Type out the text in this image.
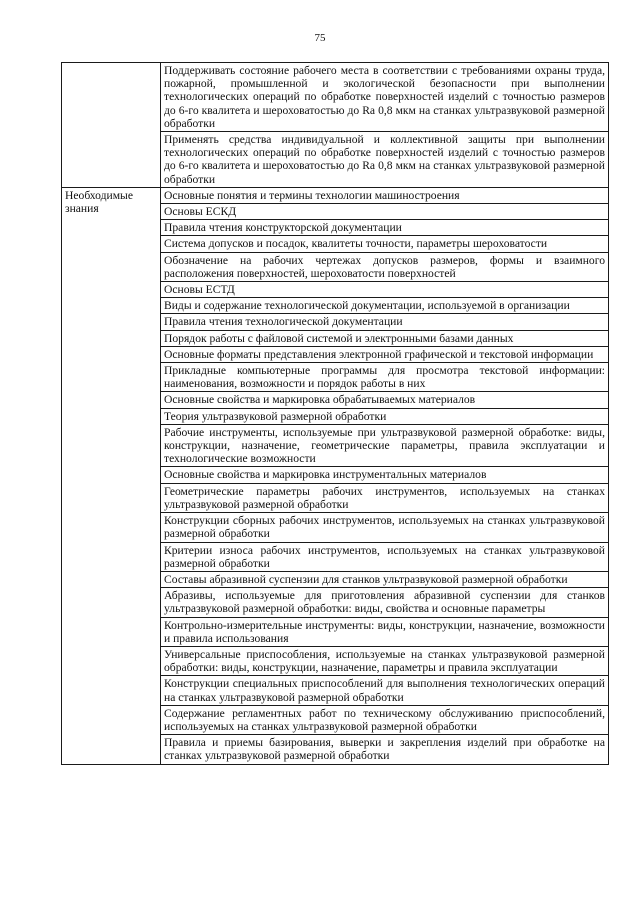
75
	Поддерживать состояние рабочего места в соответствии с требованиями охраны труда, пожарной, промышленной и экологической безопасности при выполнении технологических операций по обработке поверхностей изделий с точностью размеров до 6-го квалитета и шероховатостью до Ra 0,8 мкм на станках ультразвуковой размерной обработки
	Применять средства индивидуальной и коллективной защиты при выполнении технологических операций по обработке поверхностей изделий с точностью размеров до 6-го квалитета и шероховатостью до Ra 0,8 мкм на станках ультразвуковой размерной обработки
Необходимые знания	Основные понятия и термины технологии машиностроения
	Основы ЕСКД
	Правила чтения конструкторской документации
	Система допусков и посадок, квалитеты точности, параметры шероховатости
	Обозначение на рабочих чертежах допусков размеров, формы и взаимного расположения поверхностей, шероховатости поверхностей
	Основы ЕСТД
	Виды и содержание технологической документации, используемой в организации
	Правила чтения технологической документации
	Порядок работы с файловой системой и электронными базами данных
	Основные форматы представления электронной графической и текстовой информации
	Прикладные компьютерные программы для просмотра текстовой информации: наименования, возможности и порядок работы в них
	Основные свойства и маркировка обрабатываемых материалов
	Теория ультразвуковой размерной обработки
	Рабочие инструменты, используемые при ультразвуковой размерной обработке: виды, конструкции, назначение, геометрические параметры, правила эксплуатации и технологические возможности
	Основные свойства и маркировка инструментальных материалов
	Геометрические параметры рабочих инструментов, используемых на станках ультразвуковой размерной обработки
	Конструкции сборных рабочих инструментов, используемых на станках ультразвуковой размерной обработки
	Критерии износа рабочих инструментов, используемых на станках ультразвуковой размерной обработки
	Составы абразивной суспензии для станков ультразвуковой размерной обработки
	Абразивы, используемые для приготовления абразивной суспензии для станков ультразвуковой размерной обработки: виды, свойства и основные параметры
	Контрольно-измерительные инструменты: виды, конструкции, назначение, возможности и правила использования
	Универсальные приспособления, используемые на станках ультразвуковой размерной обработки: виды, конструкции, назначение, параметры и правила эксплуатации
	Конструкции специальных приспособлений для выполнения технологических операций на станках ультразвуковой размерной обработки
	Содержание регламентных работ по техническому обслуживанию приспособлений, используемых на станках ультразвуковой размерной обработки
	Правила и приемы базирования, выверки и закрепления изделий при обработке на станках ультразвуковой размерной обработки
